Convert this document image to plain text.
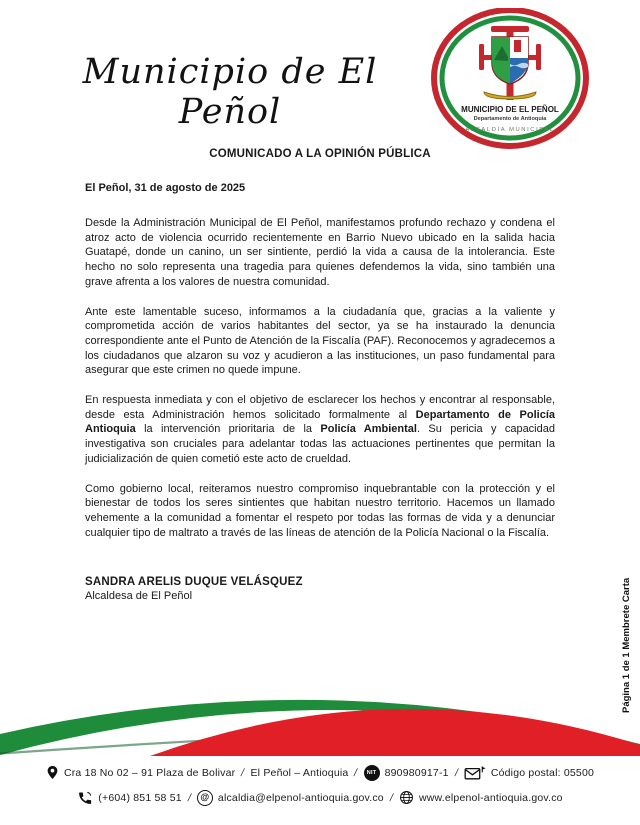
Municipio de El Peñol	MUNICIPIO DE EL PEÑOL
Departamento de Antioquia
ALCALDÍA MUNICIPAL
COMUNICADO A LA OPINIÓN PÚBLICA

El Peñol, 31 de agosto de 2025

Desde la Administración Municipal de El Peñol, manifestamos profundo rechazo y condena el atroz acto de violencia ocurrido recientemente en Barrio Nuevo ubicado en la salida hacia Guatapé, donde un canino, un ser sintiente, perdió la vida a causa de la intolerancia. Este hecho no solo representa una tragedia para quienes defendemos la vida, sino también una grave afrenta a los valores de nuestra comunidad.

Ante este lamentable suceso, informamos a la ciudadanía que, gracias a la valiente y comprometida acción de varios habitantes del sector, ya se ha instaurado la denuncia correspondiente ante el Punto de Atención de la Fiscalía (PAF). Reconocemos y agradecemos a los ciudadanos que alzaron su voz y acudieron a las instituciones, un paso fundamental para asegurar que este crimen no quede impune.

En respuesta inmediata y con el objetivo de esclarecer los hechos y encontrar al responsable, desde esta Administración hemos solicitado formalmente al Departamento de Policía Antioquia la intervención prioritaria de la Policía Ambiental. Su pericia y capacidad investigativa son cruciales para adelantar todas las actuaciones pertinentes que permitan la judicialización de quien cometió este acto de crueldad.

Como gobierno local, reiteramos nuestro compromiso inquebrantable con la protección y el bienestar de todos los seres sintientes que habitan nuestro territorio. Hacemos un llamado vehemente a la comunidad a fomentar el respeto por todas las formas de vida y a denunciar cualquier tipo de maltrato a través de las líneas de atención de la Policía Nacional o la Fiscalía.

SANDRA ARELIS DUQUE VELÁSQUEZ
Alcaldesa de El Peñol	Página 1 de 1 Membrete Carta
Cra 18 No 02 – 91 Plaza de Bolivar / El Peñol – Antioquia /	NIT 890980917-1 /	Código postal: 05500
(+604) 851 58 51 / @ alcaldia@elpenol-antioquia.gov.co / www.elpenol-antioquia.gov.co
